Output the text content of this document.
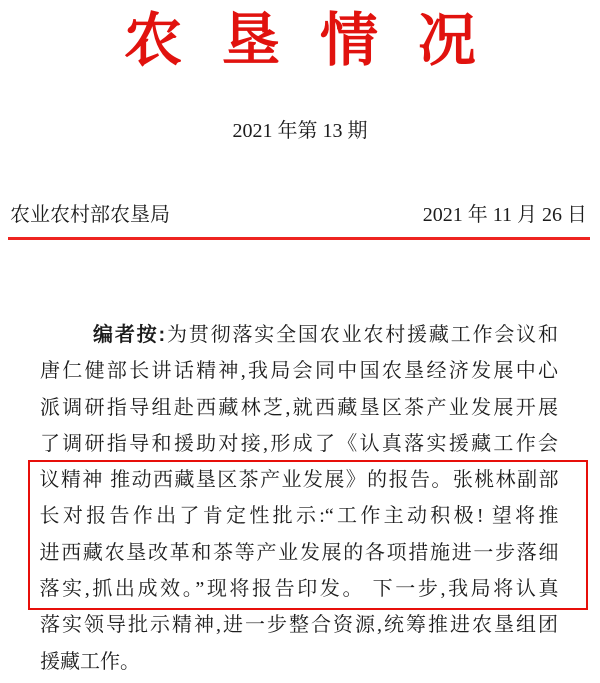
农垦情况
2021 年第 13 期
农业农村部农垦局	2021 年 11 月 26 日
编者按:为贯彻落实全国农业农村援藏工作会议和
唐仁健部长讲话精神,我局会同中国农垦经济发展中心
派调研指导组赴西藏林芝,就西藏垦区茶产业发展开展
了调研指导和援助对接,形成了《认真落实援藏工作会
议精神 推动西藏垦区茶产业发展》的报告。张桃林副部
长对报告作出了肯定性批示:“工作主动积极! 望将推
进西藏农垦改革和茶等产业发展的各项措施进一步落细
落实,抓出成效。”现将报告印发。 下一步,我局将认真
落实领导批示精神,进一步整合资源,统筹推进农垦组团
援藏工作。
